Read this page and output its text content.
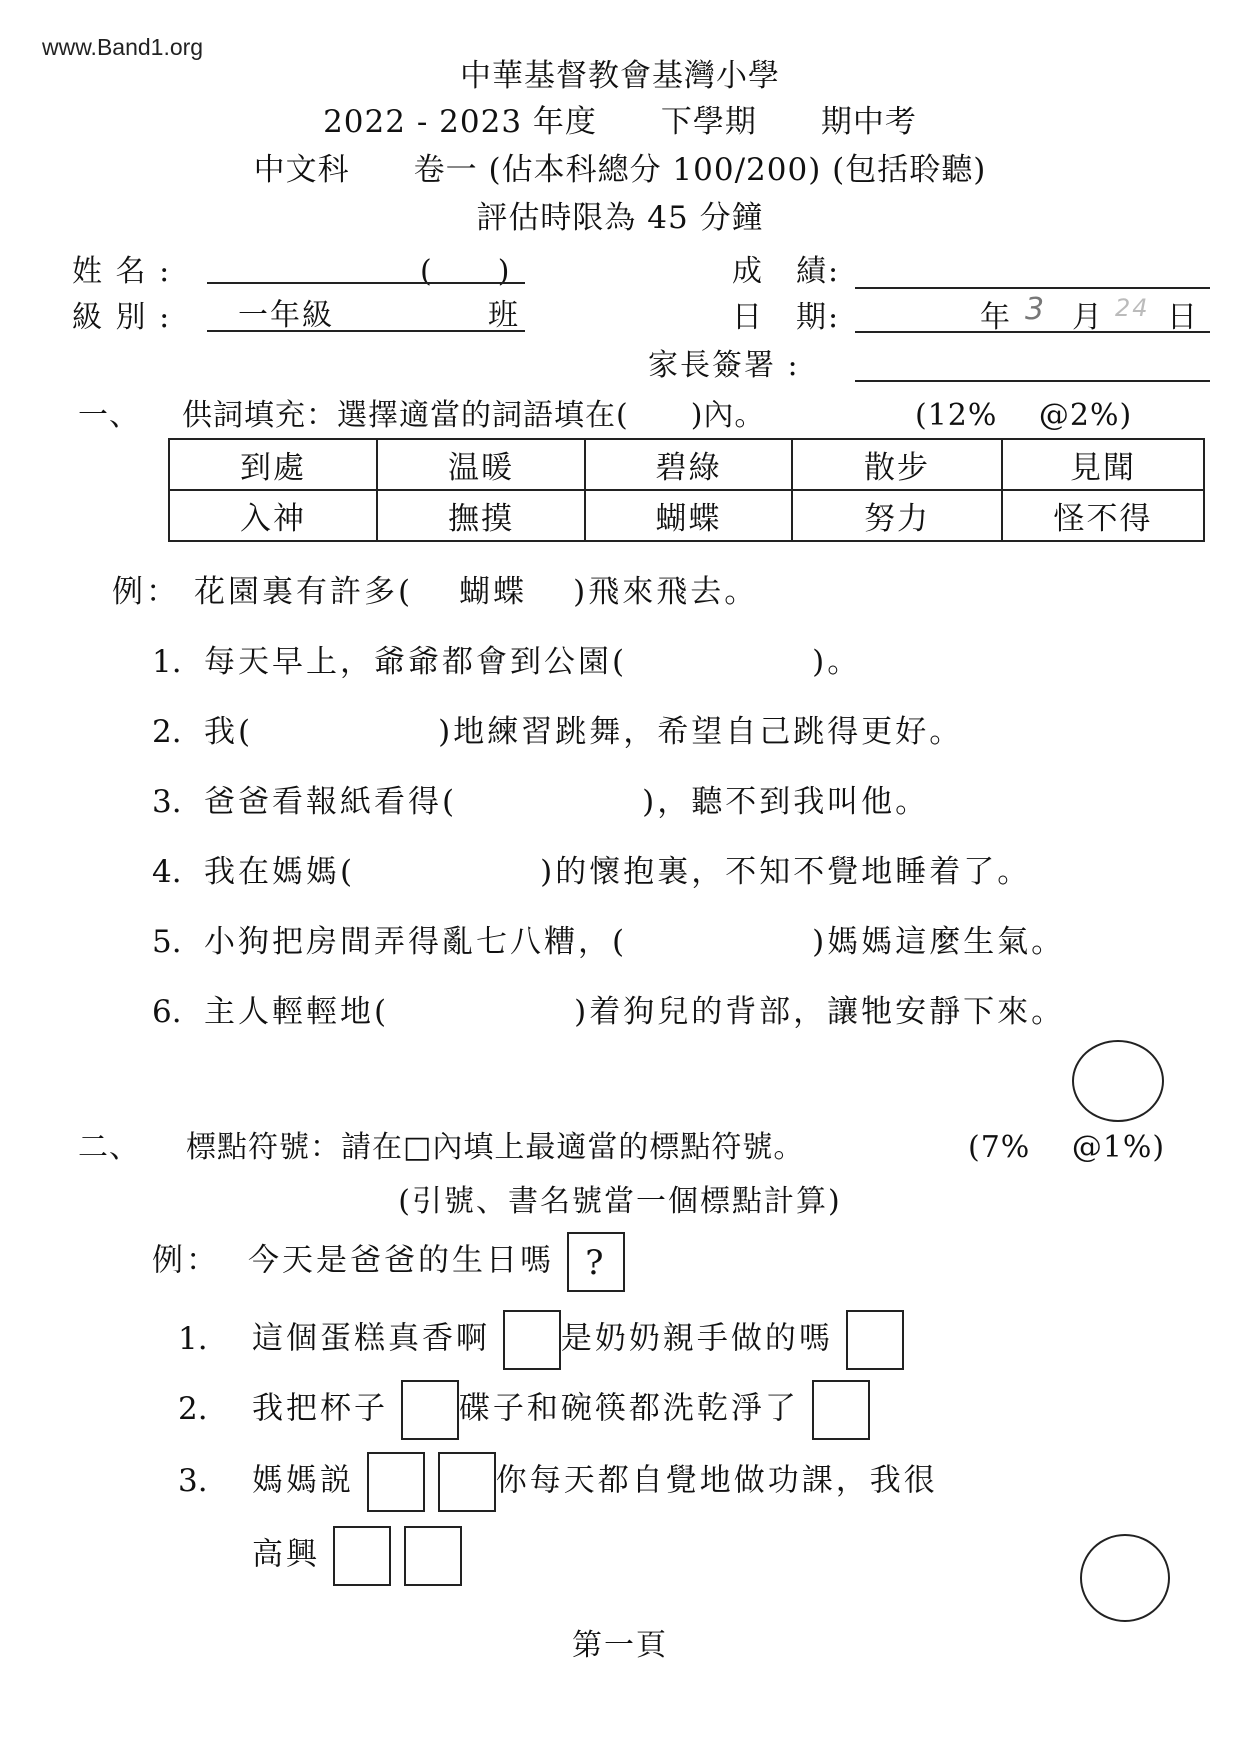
www.Band1.org
中華基督教會基灣小學
2022 - 2023 年度　　下學期　　期中考
中文科　　卷一 (佔本科總分 100/200) (包括聆聽)
評估時限為 45 分鐘
姓 名 :	(　　)
級 別 : 一年級	班
成　績:
日　期:	年 3 月 24 日
家長簽署 :
一、 供詞填充：選擇適當的詞語填在(　　)內。	(12%　 @2%)
到處	温暖	碧綠	散步	見聞
入神	撫摸	蝴蝶	努力	怪不得
例： 花園裏有許多( 蝴蝶 )飛來飛去。
1. 每天早上，爺爺都會到公園(	)。
2. 我(	)地練習跳舞，希望自己跳得更好。
3. 爸爸看報紙看得(	)，聽不到我叫他。
4. 我在媽媽(	)的懷抱裏，不知不覺地睡着了。
5. 小狗把房間弄得亂七八糟，(	)媽媽這麼生氣。
6. 主人輕輕地(	)着狗兒的背部，讓牠安靜下來。
二、 標點符號：請在□內填上最適當的標點符號。	(7%　 @1%)
(引號、書名號當一個標點計算)
例： 今天是爸爸的生日嗎 ?
1. 這個蛋糕真香啊 是奶奶親手做的嗎
2. 我把杯子 碟子和碗筷都洗乾淨了
3. 媽媽説	你每天都自覺地做功課，我很
高興
第一頁
